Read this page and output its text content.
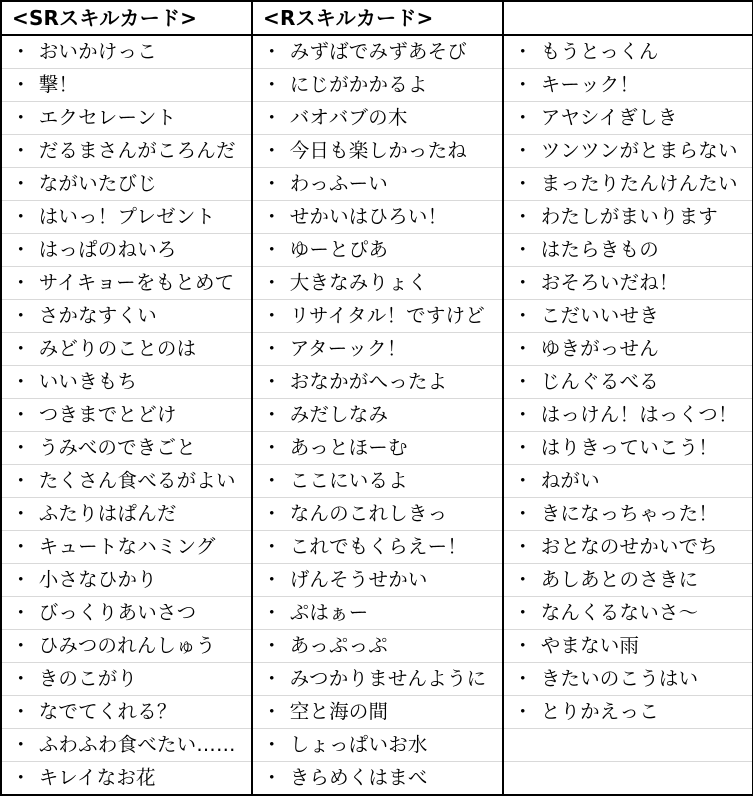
<SRスキルカード>	<Rスキルカード>	
・ おいかけっこ	・ みずばでみずあそび	・ もうとっくん
・ 撃！	・ にじがかかるよ	・ キーック！
・ エクセレーント	・ バオバブの木	・ アヤシイぎしき
・ だるまさんがころんだ	・ 今日も楽しかったね	・ ツンツンがとまらない
・ ながいたびじ	・ わっふーい	・ まったりたんけんたい
・ はいっ！プレゼント	・ せかいはひろい！	・ わたしがまいります
・ はっぱのねいろ	・ ゆーとぴあ	・ はたらきもの
・ サイキョーをもとめて	・ 大きなみりょく	・ おそろいだね！
・ さかなすくい	・ リサイタル！ですけど	・ こだいいせき
・ みどりのことのは	・ アターック！	・ ゆきがっせん
・ いいきもち	・ おなかがへったよ	・ じんぐるべる
・ つきまでとどけ	・ みだしなみ	・ はっけん！はっくつ！
・ うみべのできごと	・ あっとほーむ	・ はりきっていこう！
・ たくさん食べるがよい	・ ここにいるよ	・ ねがい
・ ふたりはぱんだ	・ なんのこれしきっ	・ きになっちゃった！
・ キュートなハミング	・ これでもくらえー！	・ おとなのせかいでち
・ 小さなひかり	・ げんそうせかい	・ あしあとのさきに
・ びっくりあいさつ	・ ぷはぁー	・ なんくるないさ～
・ ひみつのれんしゅう	・ あっぷっぷ	・ やまない雨
・ きのこがり	・ みつかりませんように	・ きたいのこうはい
・ なでてくれる？	・ 空と海の間	・ とりかえっこ
・ ふわふわ食べたい……	・ しょっぱいお水	
・ キレイなお花	・ きらめくはまべ	
